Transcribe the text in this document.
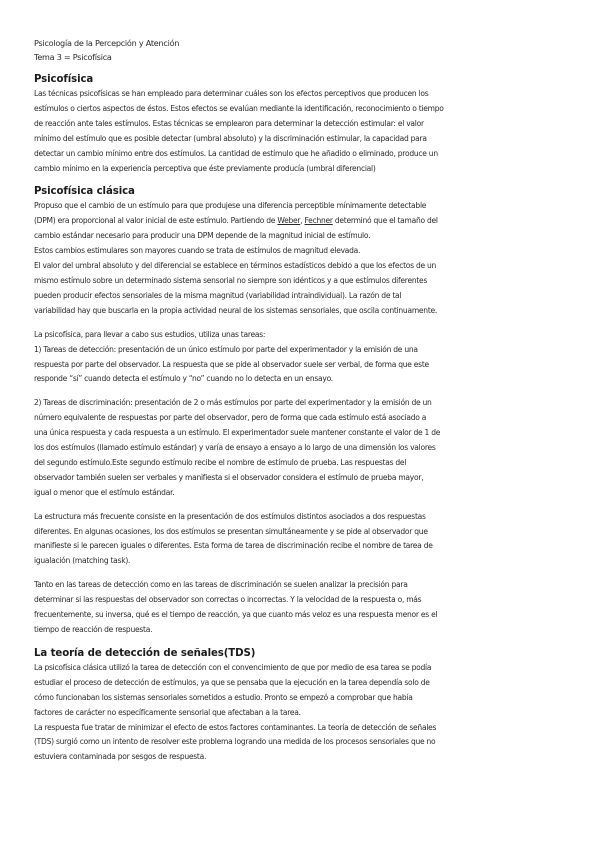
Psicología de la Percepción y Atención
Tema 3 = Psicofísica
Psicofísica
Las técnicas psicofísicas se han empleado para determinar cuáles son los efectos perceptivos que producen los
estímulos o ciertos aspectos de éstos. Estos efectos se evalúan mediante la identificación, reconocimiento o tiempo
de reacción ante tales estímulos. Estas técnicas se emplearon para determinar la detección estimular: el valor
mínimo del estímulo que es posible detectar (umbral absoluto) y la discriminación estimular, la capacidad para
detectar un cambio mínimo entre dos estímulos. La cantidad de estímulo que he añadido o eliminado, produce un
cambio mínimo en la experiencia perceptiva que éste previamente producía (umbral diferencial)
Psicofísica clásica
Propuso que el cambio de un estímulo para que produjese una diferencia perceptible mínimamente detectable
(DPM) era proporcional al valor inicial de este estímulo. Partiendo de Weber, Fechner determinó que el tamaño del
cambio estándar necesario para producir una DPM depende de la magnitud inicial de estímulo.
Estos cambios estimulares son mayores cuando se trata de estímulos de magnitud elevada.
El valor del umbral absoluto y del diferencial se establece en términos estadísticos debido a que los efectos de un
mismo estímulo sobre un determinado sistema sensorial no siempre son idénticos y a que estímulos diferentes
pueden producir efectos sensoriales de la misma magnitud (variabilidad intraindividual). La razón de tal
variabilidad hay que buscarla en la propia actividad neural de los sistemas sensoriales, que oscila continuamente.
La psicofísica, para llevar a cabo sus estudios, utiliza unas tareas:
1) Tareas de detección: presentación de un único estímulo por parte del experimentador y la emisión de una
respuesta por parte del observador. La respuesta que se pide al observador suele ser verbal, de forma que este
responde “sí” cuando detecta el estímulo y “no” cuando no lo detecta en un ensayo.
2) Tareas de discriminación: presentación de 2 o más estímulos por parte del experimentador y la emisión de un
número equivalente de respuestas por parte del observador, pero de forma que cada estímulo está asociado a
una única respuesta y cada respuesta a un estímulo. El experimentador suele mantener constante el valor de 1 de
los dos estímulos (llamado estímulo estándar) y varía de ensayo a ensayo a lo largo de una dimensión los valores
del segundo estímulo.Este segundo estímulo recibe el nombre de estímulo de prueba. Las respuestas del
observador también suelen ser verbales y manifiesta si el observador considera el estímulo de prueba mayor,
igual o menor que el estímulo estándar.
La estructura más frecuente consiste en la presentación de dos estímulos distintos asociados a dos respuestas
diferentes. En algunas ocasiones, los dos estímulos se presentan simultáneamente y se pide al observador que
manifieste si le parecen iguales o diferentes. Esta forma de tarea de discriminación recibe el nombre de tarea de
igualación (matching task).
Tanto en las tareas de detección como en las tareas de discriminación se suelen analizar la precisión para
determinar si las respuestas del observador son correctas o incorrectas. Y la velocidad de la respuesta o, más
frecuentemente, su inversa, qué es el tiempo de reacción, ya que cuanto más veloz es una respuesta menor es el
tiempo de reacción de respuesta.
La teoría de detección de señales(TDS)
La psicofísica clásica utilizó la tarea de detección con el convencimiento de que por medio de esa tarea se podía
estudiar el proceso de detección de estímulos, ya que se pensaba que la ejecución en la tarea dependía solo de
cómo funcionaban los sistemas sensoriales sometidos a estudio. Pronto se empezó a comprobar que había
factores de carácter no específicamente sensorial que afectaban a la tarea.
La respuesta fue tratar de minimizar el efecto de estos factores contaminantes. La teoría de detección de señales
(TDS) surgió como un intento de resolver este problema logrando una medida de los procesos sensoriales que no
estuviera contaminada por sesgos de respuesta.
